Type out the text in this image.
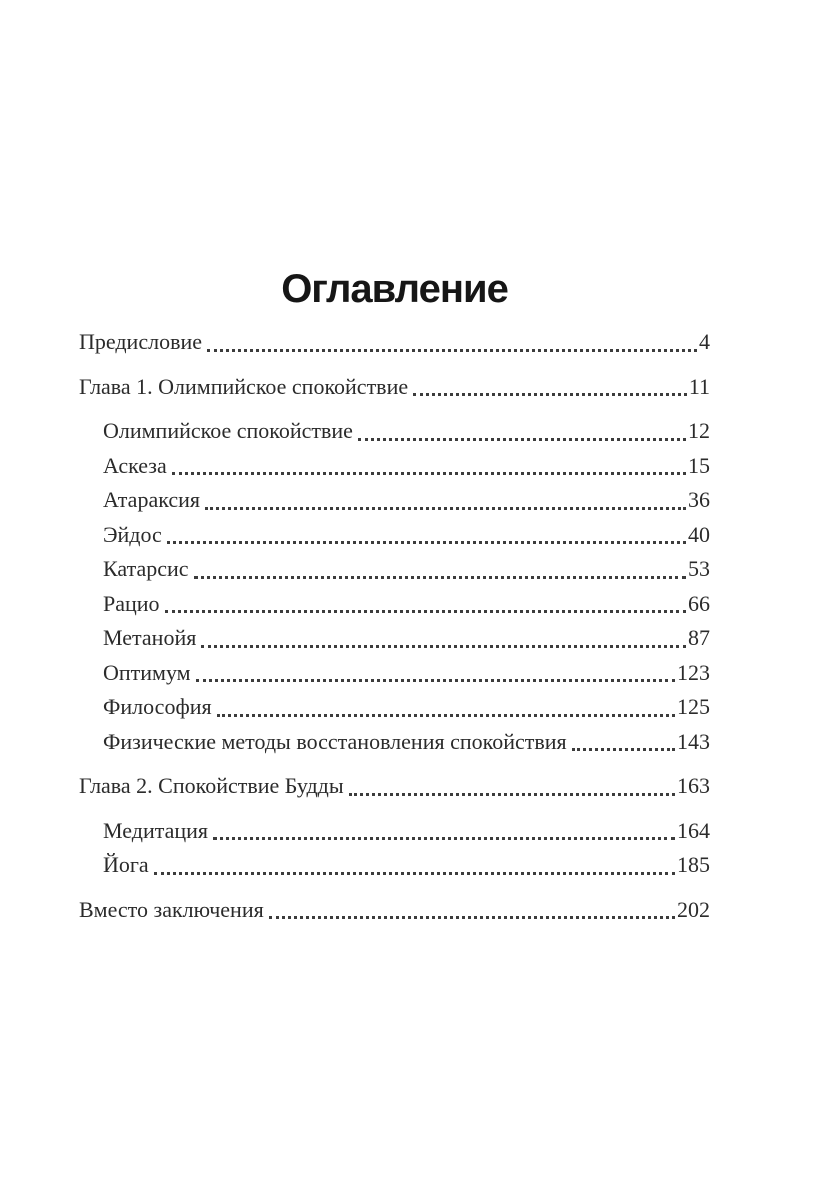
Оглавление
Предисловие	4
Глава 1. Олимпийское спокойствие	11
Олимпийское спокойствие	12
Аскеза	15
Атараксия	36
Эйдос	40
Катарсис	53
Рацио	66
Метанойя	87
Оптимум	123
Философия	125
Физические методы восстановления спокойствия	143
Глава 2. Спокойствие Будды	163
Медитация	164
Йога	185
Вместо заключения	202
